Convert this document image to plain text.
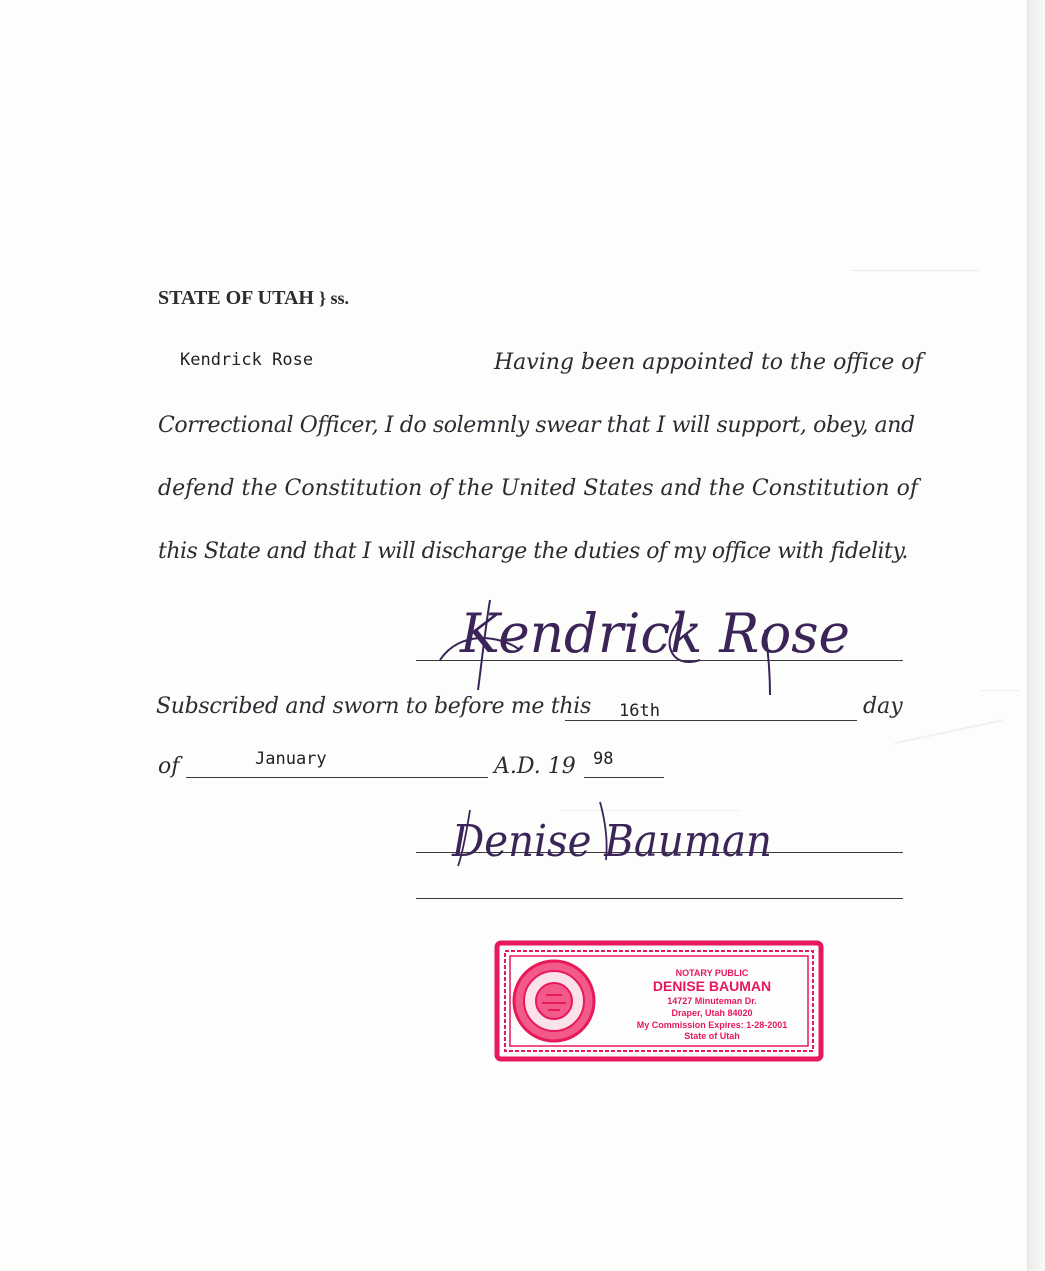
STATE OF UTAH } ss.
Kendrick Rose	Having been appointed to the office of

Correctional Officer, I do solemnly swear that I will support, obey, and

defend the Constitution of the United States and the Constitution of

this State and that I will discharge the duties of my office with fidelity.

Kendrick Rose

Subscribed and sworn to before me this 16th	day

of	January	A.D. 19 98
Denise Bauman
NOTARY PUBLIC
DENISE BAUMAN
14727 Minuteman Dr.
Draper, Utah 84020
My Commission Expires: 1-28-2001
State of Utah
